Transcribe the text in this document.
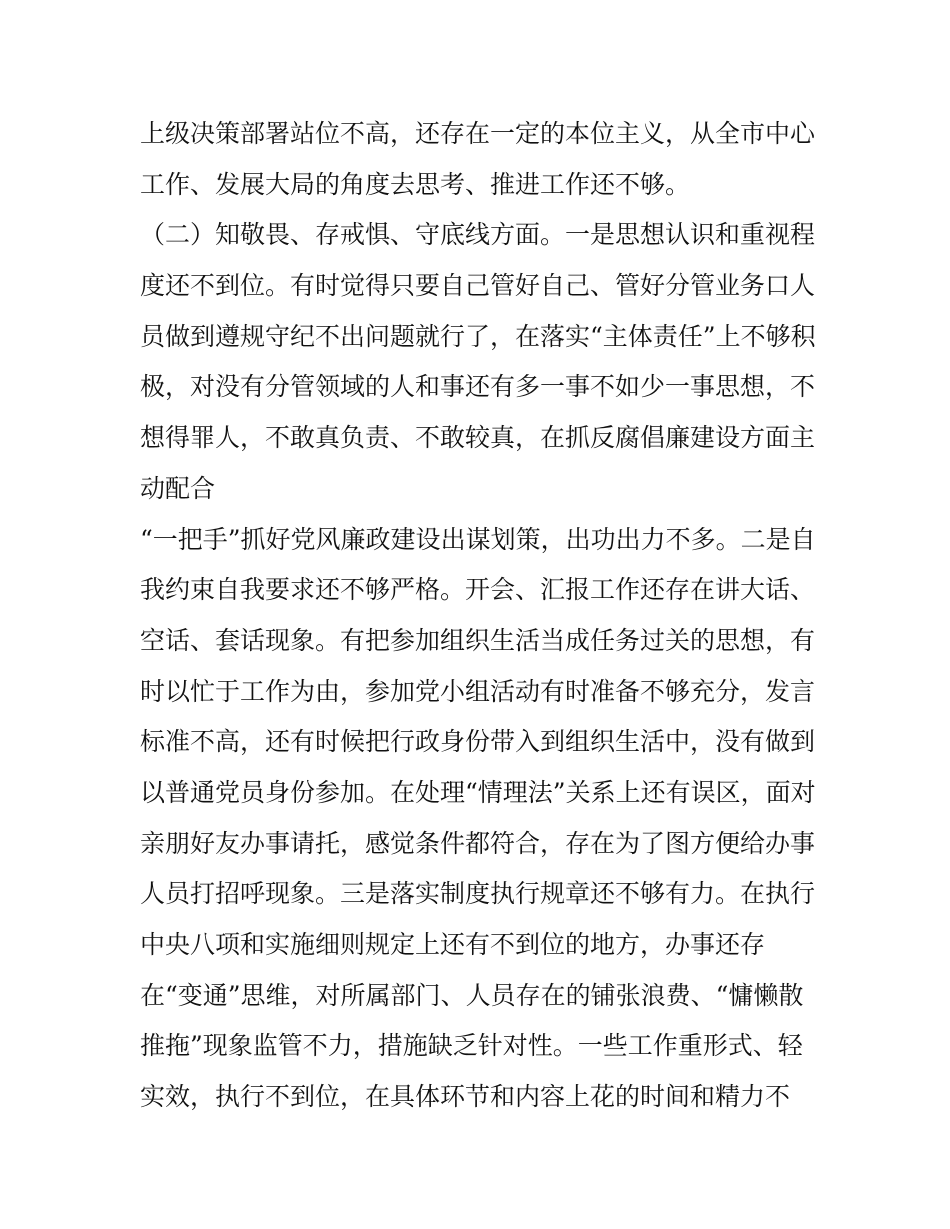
上级决策部署站位不高，还存在一定的本位主义，从全市中心
工作、发展大局的角度去思考、推进工作还不够。
（二）知敬畏、存戒惧、守底线方面。一是思想认识和重视程
度还不到位。有时觉得只要自己管好自己、管好分管业务口人
员做到遵规守纪不出问题就行了，在落实“主体责任”上不够积
极，对没有分管领域的人和事还有多一事不如少一事思想，不
想得罪人，不敢真负责、不敢较真，在抓反腐倡廉建设方面主
动配合
“一把手”抓好党风廉政建设出谋划策，出功出力不多。二是自
我约束自我要求还不够严格。开会、汇报工作还存在讲大话、
空话、套话现象。有把参加组织生活当成任务过关的思想，有
时以忙于工作为由，参加党小组活动有时准备不够充分，发言
标准不高，还有时候把行政身份带入到组织生活中，没有做到
以普通党员身份参加。在处理“情理法”关系上还有误区，面对
亲朋好友办事请托，感觉条件都符合，存在为了图方便给办事
人员打招呼现象。三是落实制度执行规章还不够有力。在执行
中央八项和实施细则规定上还有不到位的地方，办事还存
在“变通”思维，对所属部门、人员存在的铺张浪费、“慵懒散
推拖”现象监管不力，措施缺乏针对性。一些工作重形式、轻
实效，执行不到位，在具体环节和内容上花的时间和精力不
